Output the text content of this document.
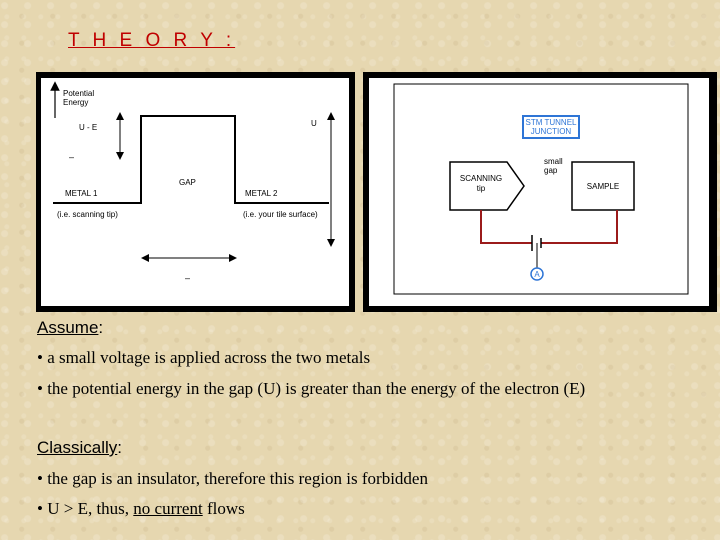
T H E O R Y :
Potential
Energy
U - E
–
U
GAP
METAL 1
(i.e. scanning tip)
METAL 2
(i.e. your tile surface)
–
STM TUNNEL
JUNCTION
SCANNING
tip
small
gap
SAMPLE
A
Assume:
• a small voltage is applied across the two metals
• the potential energy in the gap (U) is greater than the energy of the electron (E)
Classically:
• the gap is an insulator, therefore this region is forbidden
• U > E, thus, no current flows
